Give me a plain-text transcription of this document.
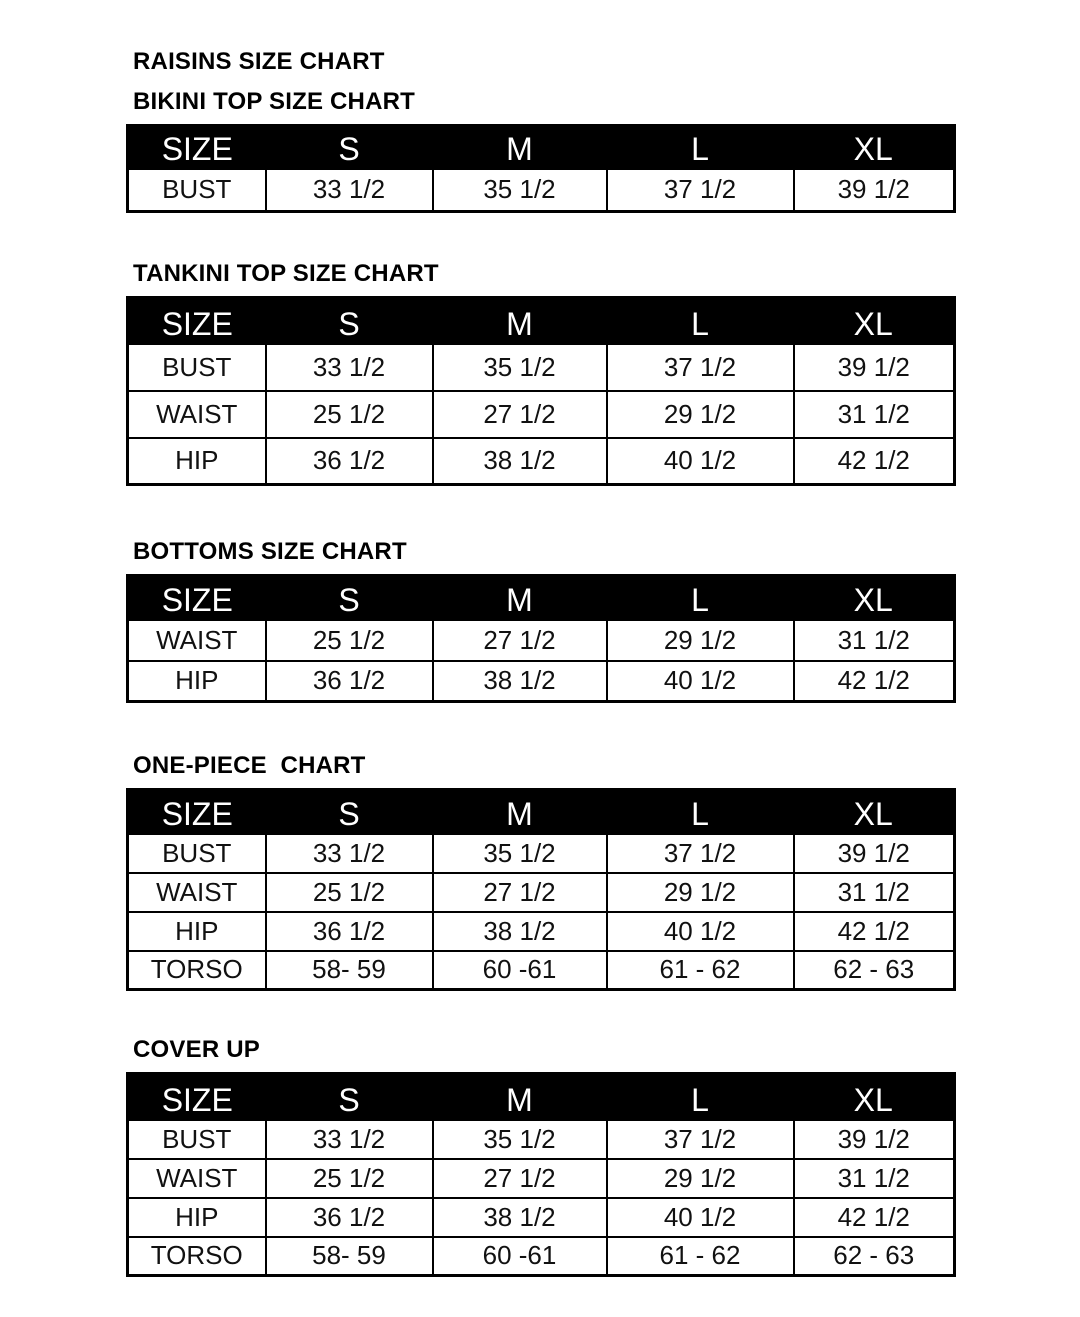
RAISINS SIZE CHART
BIKINI TOP SIZE CHART
SIZE	S	M	L	XL
BUST	33 1/2	35 1/2	37 1/2	39 1/2
TANKINI TOP SIZE CHART
SIZE	S	M	L	XL
BUST	33 1/2	35 1/2	37 1/2	39 1/2
WAIST	25 1/2	27 1/2	29 1/2	31 1/2
HIP	36 1/2	38 1/2	40 1/2	42 1/2
BOTTOMS SIZE CHART
SIZE	S	M	L	XL
WAIST	25 1/2	27 1/2	29 1/2	31 1/2
HIP	36 1/2	38 1/2	40 1/2	42 1/2
ONE-PIECE  CHART
SIZE	S	M	L	XL
BUST	33 1/2	35 1/2	37 1/2	39 1/2
WAIST	25 1/2	27 1/2	29 1/2	31 1/2
HIP	36 1/2	38 1/2	40 1/2	42 1/2
TORSO	58- 59	60 -61	61 - 62	62 - 63
COVER UP
SIZE	S	M	L	XL
BUST	33 1/2	35 1/2	37 1/2	39 1/2
WAIST	25 1/2	27 1/2	29 1/2	31 1/2
HIP	36 1/2	38 1/2	40 1/2	42 1/2
TORSO	58- 59	60 -61	61 - 62	62 - 63
